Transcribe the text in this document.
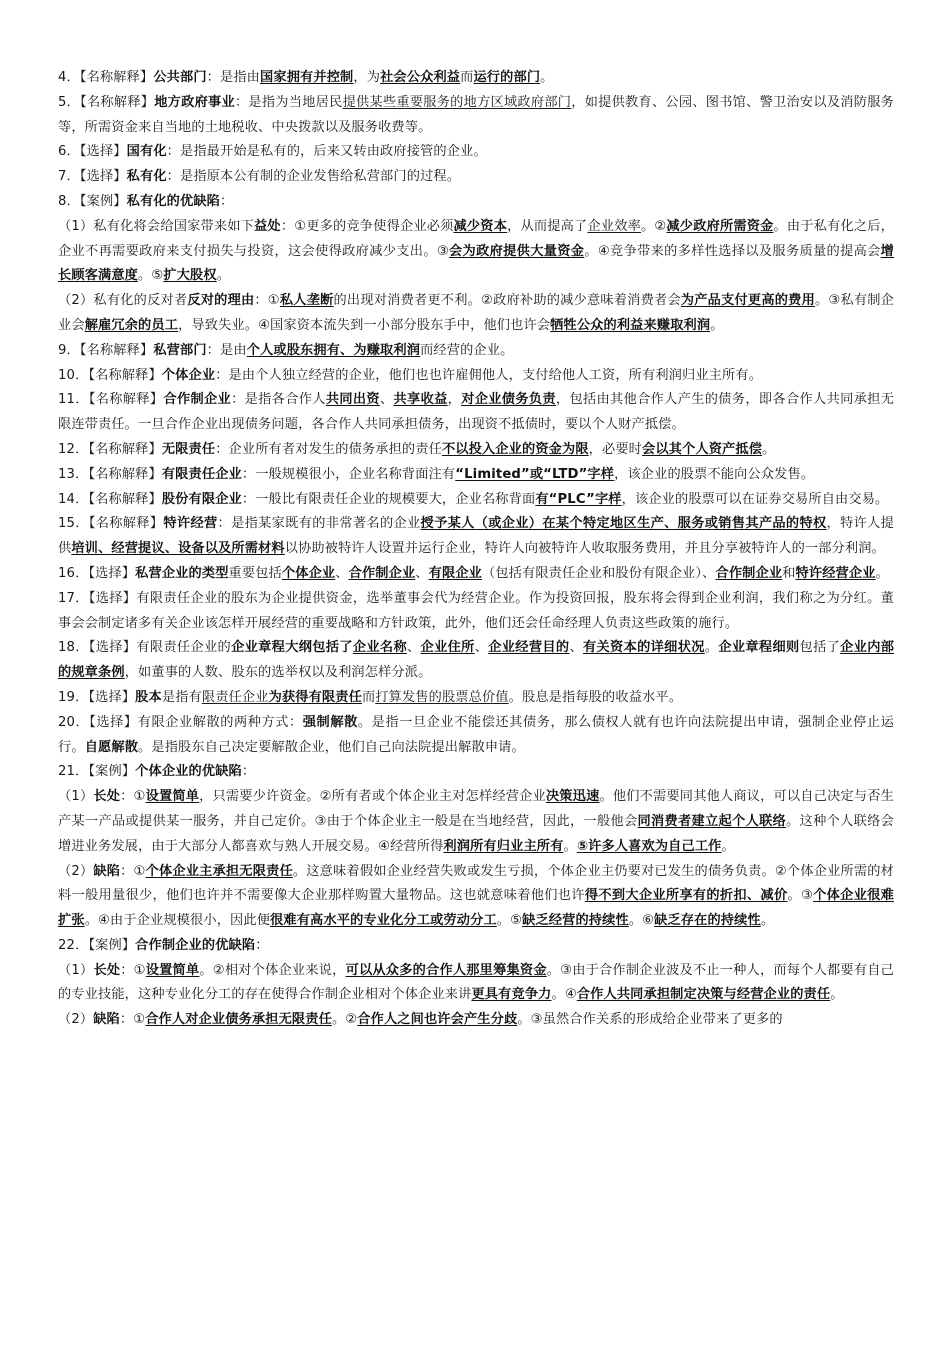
4．【名称解释】公共部门：是指由国家拥有并控制，为社会公众利益而运行的部门。
5．【名称解释】地方政府事业：是指为当地居民提供某些重要服务的地方区域政府部门，如提供教育、公园、图书馆、警卫治安以及消防服务等，所需资金来自当地的土地税收、中央拨款以及服务收费等。
6．【选择】国有化：是指最开始是私有的，后来又转由政府接管的企业。
7．【选择】私有化：是指原本公有制的企业发售给私营部门的过程。
8．【案例】私有化的优缺陷：
（1）私有化将会给国家带来如下益处：①更多的竞争使得企业必须减少资本，从而提高了企业效率。②减少政府所需资金。由于私有化之后，企业不再需要政府来支付损失与投资，这会使得政府减少支出。③会为政府提供大量资金。④竞争带来的多样性选择以及服务质量的提高会增长顾客满意度。⑤扩大股权。
（2）私有化的反对者反对的理由：①私人垄断的出现对消费者更不利。②政府补助的减少意味着消费者会为产品支付更高的费用。③私有制企业会解雇冗余的员工，导致失业。④国家资本流失到一小部分股东手中，他们也许会牺牲公众的利益来赚取利润。
9．【名称解释】私营部门：是由个人或股东拥有、为赚取利润而经营的企业。
10．【名称解释】个体企业：是由个人独立经营的企业，他们也也许雇佣他人，支付给他人工资，所有利润归业主所有。
11．【名称解释】合作制企业：是指各合作人共同出资、共享收益，对企业债务负责，包括由其他合作人产生的债务，即各合作人共同承担无限连带责任。一旦合作企业出现债务问题，各合作人共同承担债务，出现资不抵债时，要以个人财产抵偿。
12．【名称解释】无限责任：企业所有者对发生的债务承担的责任不以投入企业的资金为限，必要时会以其个人资产抵偿。
13．【名称解释】有限责任企业：一般规模很小，企业名称背面注有“Limited”或“LTD”字样，该企业的股票不能向公众发售。
14．【名称解释】股份有限企业：一般比有限责任企业的规模要大，企业名称背面有“PLC”字样，该企业的股票可以在证券交易所自由交易。
15．【名称解释】特许经营：是指某家既有的非常著名的企业授予某人（或企业）在某个特定地区生产、服务或销售其产品的特权，特许人提供培训、经营提议、设备以及所需材料以协助被特许人设置并运行企业，特许人向被特许人收取服务费用，并且分享被特许人的一部分利润。
16．【选择】私营企业的类型重要包括个体企业、合作制企业、有限企业（包括有限责任企业和股份有限企业）、合作制企业和特许经营企业。
17．【选择】有限责任企业的股东为企业提供资金，选举董事会代为经营企业。作为投资回报，股东将会得到企业利润，我们称之为分红。董事会会制定诸多有关企业该怎样开展经营的重要战略和方针政策，此外，他们还会任命经理人负责这些政策的施行。
18．【选择】有限责任企业的企业章程大纲包括了企业名称、企业住所、企业经营目的、有关资本的详细状况。企业章程细则包括了企业内部的规章条例，如董事的人数、股东的选举权以及利润怎样分派。
19．【选择】股本是指有限责任企业为获得有限责任而打算发售的股票总价值。股息是指每股的收益水平。
20．【选择】有限企业解散的两种方式：强制解散。是指一旦企业不能偿还其债务，那么债权人就有也许向法院提出申请，强制企业停止运行。自愿解散。是指股东自己决定要解散企业，他们自己向法院提出解散申请。
21．【案例】个体企业的优缺陷：
（1）长处：①设置简单，只需要少许资金。②所有者或个体企业主对怎样经营企业决策迅速。他们不需要同其他人商议，可以自己决定与否生产某一产品或提供某一服务，并自己定价。③由于个体企业主一般是在当地经营，因此，一般他会同消费者建立起个人联络。这种个人联络会增进业务发展，由于大部分人都喜欢与熟人开展交易。④经营所得利润所有归业主所有。⑤许多人喜欢为自己工作。
（2）缺陷：①个体企业主承担无限责任。这意味着假如企业经营失败或发生亏损，个体企业主仍要对已发生的债务负责。②个体企业所需的材料一般用量很少，他们也许并不需要像大企业那样购置大量物品。这也就意味着他们也许得不到大企业所享有的折扣、减价。③个体企业很难扩张。④由于企业规模很小，因此便很难有高水平的专业化分工或劳动分工。⑤缺乏经营的持续性。⑥缺乏存在的持续性。
22．【案例】合作制企业的优缺陷：
（1）长处：①设置简单。②相对个体企业来说，可以从众多的合作人那里筹集资金。③由于合作制企业波及不止一种人，而每个人都要有自己的专业技能，这种专业化分工的存在使得合作制企业相对个体企业来讲更具有竞争力。④合作人共同承担制定决策与经营企业的责任。
（2）缺陷：①合作人对企业债务承担无限责任。②合作人之间也许会产生分歧。③虽然合作关系的形成给企业带来了更多的
